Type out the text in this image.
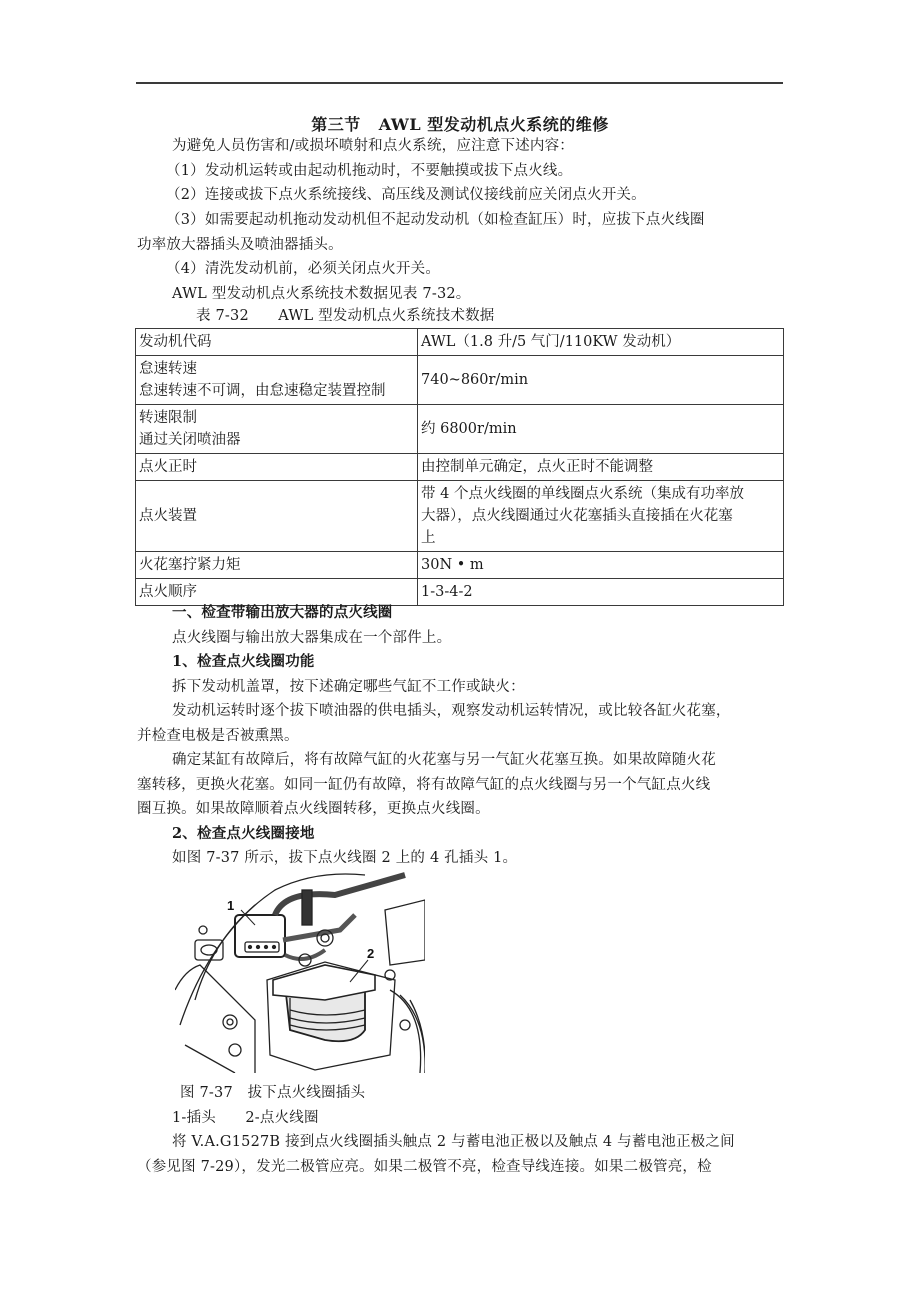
第三节 AWL 型发动机点火系统的维修
为避免人员伤害和/或损坏喷射和点火系统，应注意下述内容：
（1）发动机运转或由起动机拖动时，不要触摸或拔下点火线。
（2）连接或拔下点火系统接线、高压线及测试仪接线前应关闭点火开关。
（3）如需要起动机拖动发动机但不起动发动机（如检查缸压）时，应拔下点火线圈
功率放大器插头及喷油器插头。
（4）清洗发动机前，必须关闭点火开关。
AWL 型发动机点火系统技术数据见表 7-32。
表 7-32　　AWL 型发动机点火系统技术数据
发动机代码	AWL（1.8 升/5 气门/110KW 发动机）

怠速转速
怠速转速不可调，由怠速稳定装置控制	740~860r/min

转速限制
通过关闭喷油器	约 6800r/min

点火正时	由控制单元确定，点火正时不能调整

点火装置	带 4 个点火线圈的单线圈点火系统（集成有功率放
大器），点火线圈通过火花塞插头直接插在火花塞
上

火花塞拧紧力矩	30N • m

点火顺序	1-3-4-2
一、检查带输出放大器的点火线圈
点火线圈与输出放大器集成在一个部件上。
1、检查点火线圈功能
拆下发动机盖罩，按下述确定哪些气缸不工作或缺火：
发动机运转时逐个拔下喷油器的供电插头，观察发动机运转情况，或比较各缸火花塞，
并检查电极是否被熏黑。
确定某缸有故障后，将有故障气缸的火花塞与另一气缸火花塞互换。如果故障随火花
塞转移，更换火花塞。如同一缸仍有故障，将有故障气缸的点火线圈与另一个气缸点火线
圈互换。如果故障顺着点火线圈转移，更换点火线圈。
2、检查点火线圈接地
如图 7-37 所示，拔下点火线圈 2 上的 4 孔插头 1。
1
2
图 7-37　拔下点火线圈插头
1-插头　　2-点火线圈
将 V.A.G1527B 接到点火线圈插头触点 2 与蓄电池正极以及触点 4 与蓄电池正极之间
（参见图 7-29），发光二极管应亮。如果二极管不亮，检查导线连接。如果二极管亮，检
